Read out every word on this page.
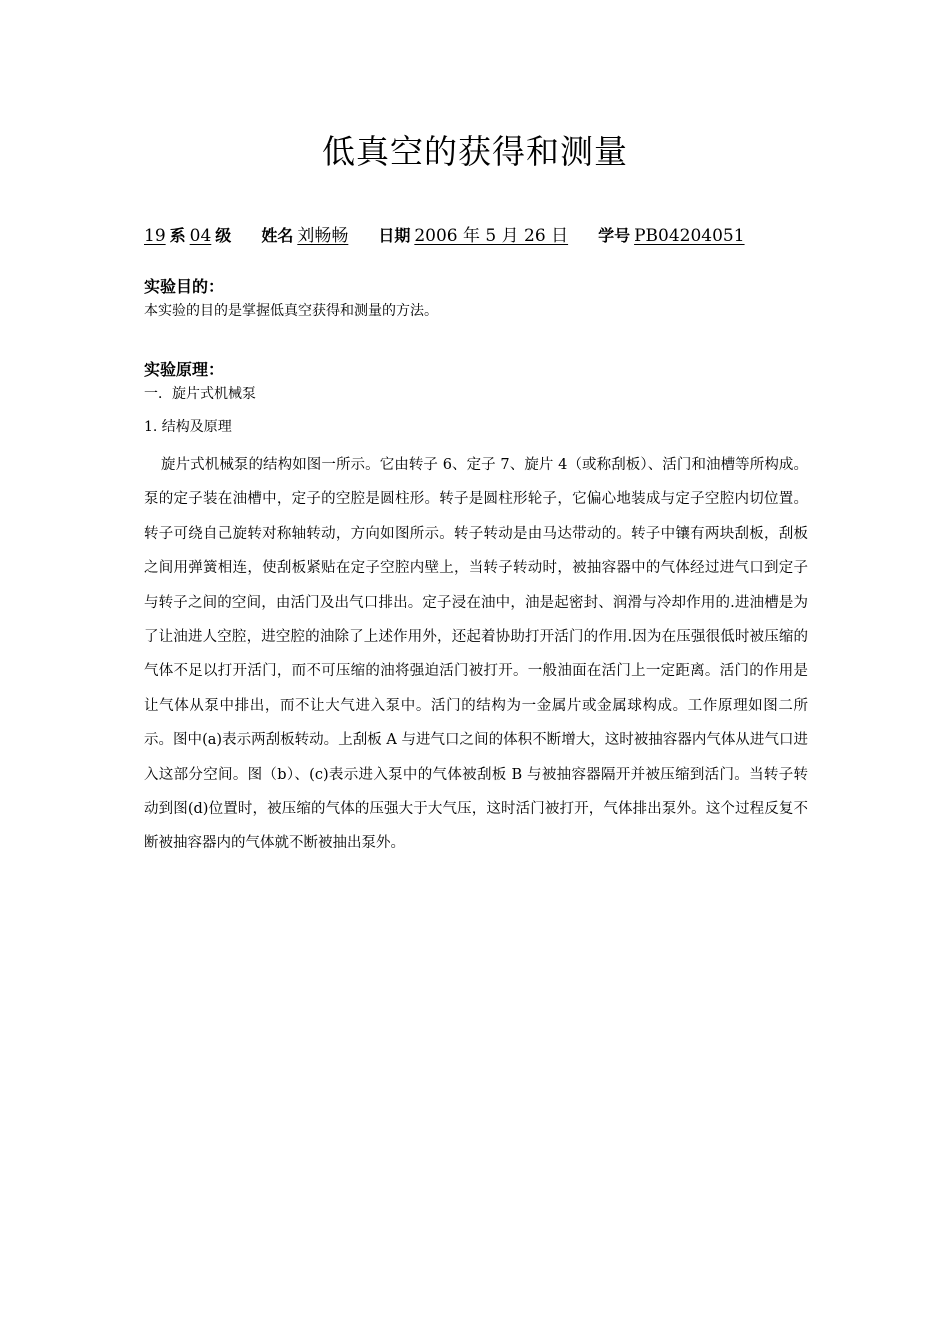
低真空的获得和测量
19 系 04 级 姓名 刘畅畅 日期 2006 年 5 月 26 日 学号 PB04204051
实验目的：
本实验的目的是掌握低真空获得和测量的方法。
实验原理：
一．旋片式机械泵
1. 结构及原理
旋片式机械泵的结构如图一所示。它由转子 6、定子 7、旋片 4（或称刮板）、活门和油槽等所构成。泵的定子装在油槽中，定子的空腔是圆柱形。转子是圆柱形轮子，它偏心地装成与定子空腔内切位置。转子可绕自己旋转对称轴转动，方向如图所示。转子转动是由马达带动的。转子中镶有两块刮板，刮板之间用弹簧相连，使刮板紧贴在定子空腔内壁上，当转子转动时，被抽容器中的气体经过进气口到定子与转子之间的空间，由活门及出气口排出。定子浸在油中，油是起密封、润滑与冷却作用的.进油槽是为了让油进人空腔，进空腔的油除了上述作用外，还起着协助打开活门的作用.因为在压强很低时被压缩的气体不足以打开活门，而不可压缩的油将强迫活门被打开。一般油面在活门上一定距离。活门的作用是让气体从泵中排出，而不让大气进入泵中。活门的结构为一金属片或金属球构成。工作原理如图二所示。图中(a)表示两刮板转动。上刮板 A 与进气口之间的体积不断增大，这时被抽容器内气体从进气口进入这部分空间。图（b）、(c)表示进入泵中的气体被刮板 B 与被抽容器隔开并被压缩到活门。当转子转动到图(d)位置时，被压缩的气体的压强大于大气压，这时活门被打开，气体排出泵外。这个过程反复不断被抽容器内的气体就不断被抽出泵外。
